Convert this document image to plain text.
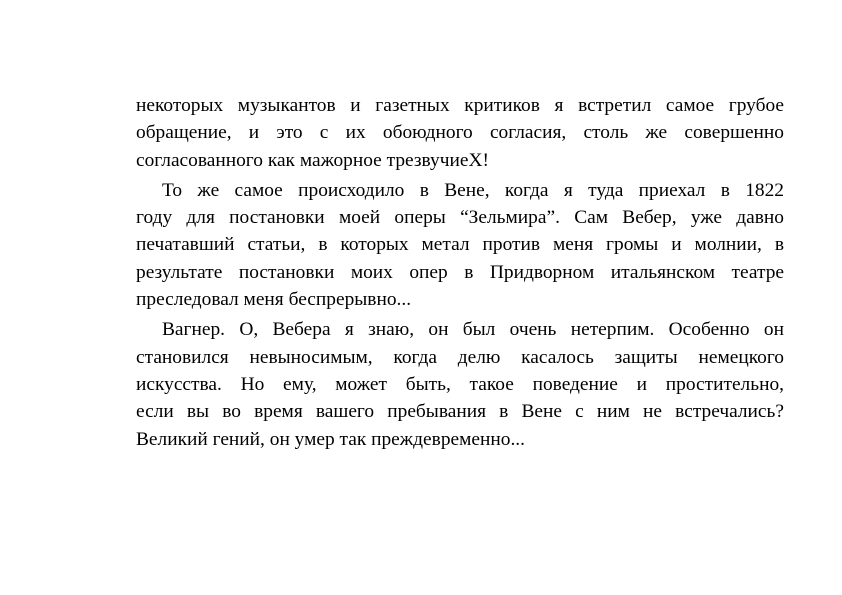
некоторых музыкантов и газетных критиков я встретил самое грубое
обращение, и это с их обоюдного согласия, столь же совершенно
согласованного как мажорное трезвучиеX!
То же самое происходило в Вене, когда я туда приехал в 1822
году для постановки моей оперы “Зельмира”. Сам Вебер, уже давно
печатавший статьи, в которых метал против меня громы и молнии, в
результате постановки моих опер в Придворном итальянском театре
преследовал меня беспрерывно...
Вагнер. О, Вебера я знаю, он был очень нетерпим. Особенно он
становился невыносимым, когда делю касалось защиты немецкого
искусства. Но ему, может быть, такое поведение и простительно,
если вы во время вашего пребывания в Вене с ним не встречались?
Великий гений, он умер так преждевременно...
